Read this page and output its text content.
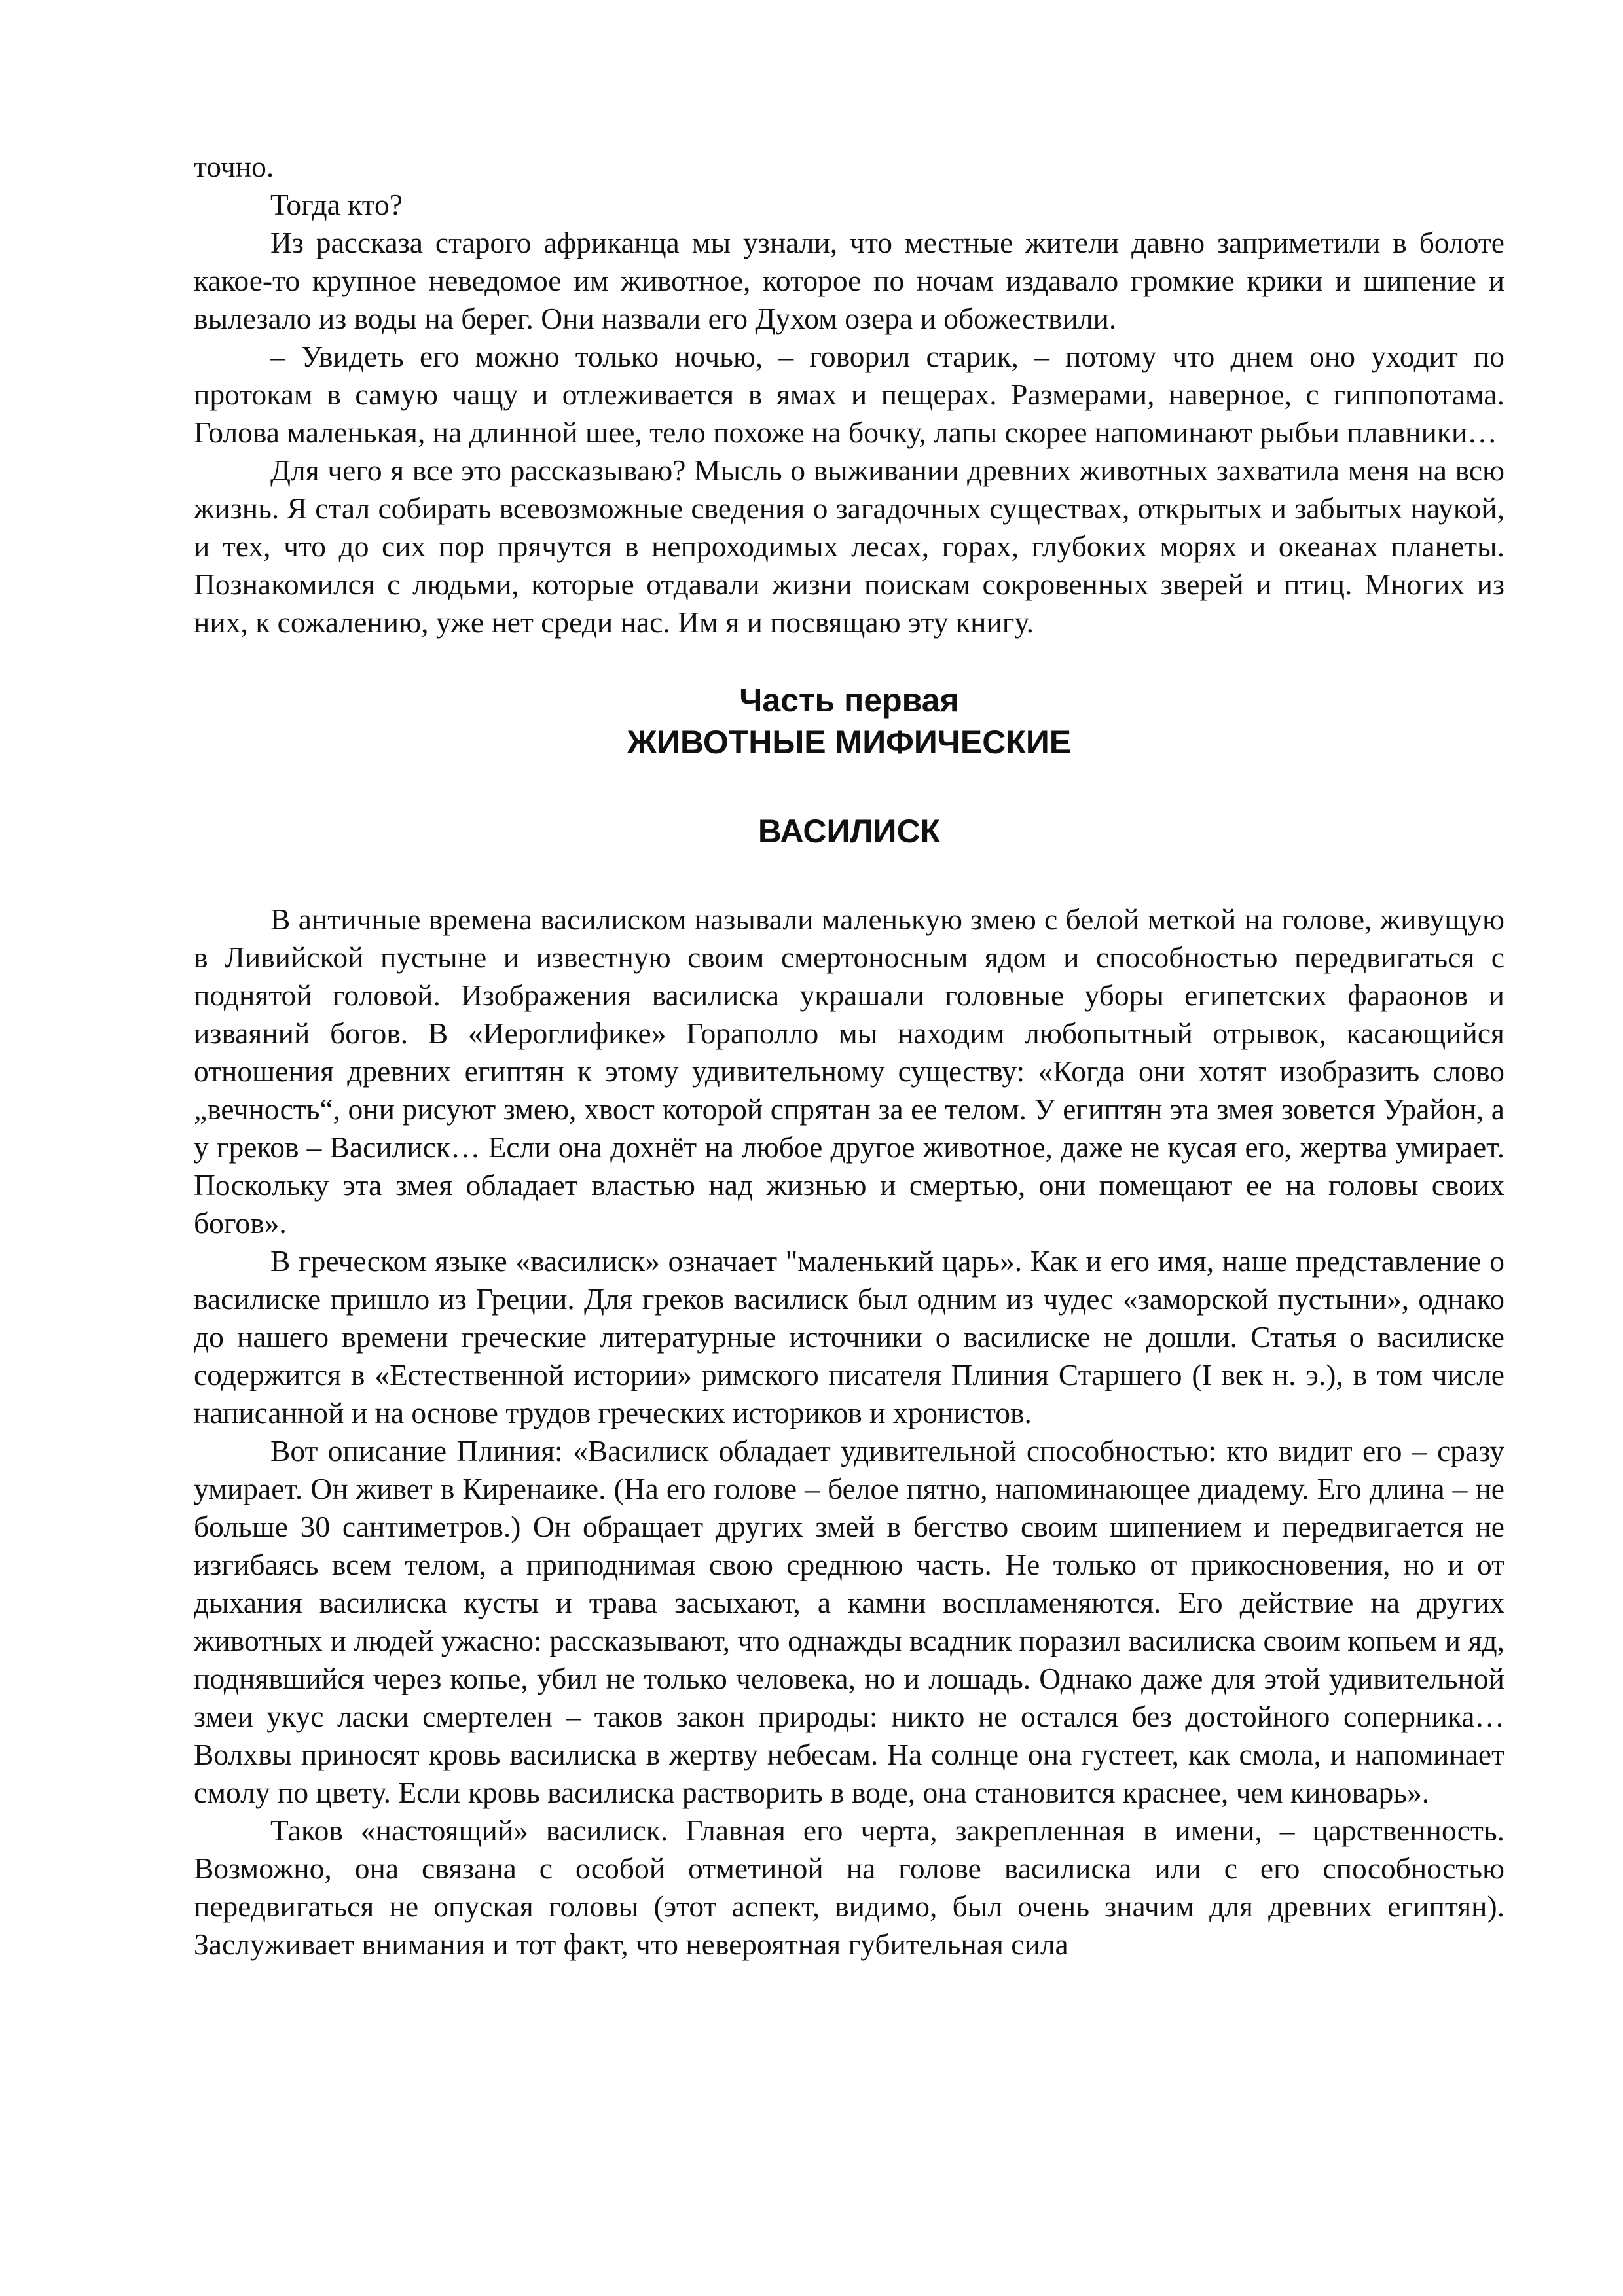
точно.

Тогда кто?

Из рассказа старого африканца мы узнали, что местные жители давно заприметили в болоте какое-то крупное неведомое им животное, которое по ночам издавало громкие крики и шипение и вылезало из воды на берег. Они назвали его Духом озера и обожествили.

– Увидеть его можно только ночью, – говорил старик, – потому что днем оно уходит по протокам в самую чащу и отлеживается в ямах и пещерах. Размерами, наверное, с гиппопотама. Голова маленькая, на длинной шее, тело похоже на бочку, лапы скорее напоминают рыбьи плавники…

Для чего я все это рассказываю? Мысль о выживании древних животных захватила меня на всю жизнь. Я стал собирать всевозможные сведения о загадочных существах, открытых и забытых наукой, и тех, что до сих пор прячутся в непроходимых лесах, горах, глубоких морях и океанах планеты. Познакомился с людьми, которые отдавали жизни поискам сокровенных зверей и птиц. Многих из них, к сожалению, уже нет среди нас. Им я и посвящаю эту книгу.

Часть первая
ЖИВОТНЫЕ МИФИЧЕСКИЕ
ВАСИЛИСК

В античные времена василиском называли маленькую змею с белой меткой на голове, живущую в Ливийской пустыне и известную своим смертоносным ядом и способностью передвигаться с поднятой головой. Изображения василиска украшали головные уборы египетских фараонов и изваяний богов. В «Иероглифике» Гораполло мы находим любопытный отрывок, касающийся отношения древних египтян к этому удивительному существу: «Когда они хотят изобразить слово „вечность“, они рисуют змею, хвост которой спрятан за ее телом. У египтян эта змея зовется Урайон, а у греков – Василиск… Если она дохнёт на любое другое животное, даже не кусая его, жертва умирает. Поскольку эта змея обладает властью над жизнью и смертью, они помещают ее на головы своих богов».

В греческом языке «василиск» означает "маленький царь». Как и его имя, наше представление о василиске пришло из Греции. Для греков василиск был одним из чудес «заморской пустыни», однако до нашего времени греческие литературные источники о василиске не дошли. Статья о василиске содержится в «Естественной истории» римского писателя Плиния Старшего (I век н. э.), в том числе написанной и на основе трудов греческих историков и хронистов.

Вот описание Плиния: «Василиск обладает удивительной способностью: кто видит его – сразу умирает. Он живет в Киренаике. (На его голове – белое пятно, напоминающее диадему. Его длина – не больше 30 сантиметров.) Он обращает других змей в бегство своим шипением и передвигается не изгибаясь всем телом, а приподнимая свою среднюю часть. Не только от прикосновения, но и от дыхания василиска кусты и трава засыхают, а камни воспламеняются. Его действие на других животных и людей ужасно: рассказывают, что однажды всадник поразил василиска своим копьем и яд, поднявшийся через копье, убил не только человека, но и лошадь. Однако даже для этой удивительной змеи укус ласки смертелен – таков закон природы: никто не остался без достойного соперника… Волхвы приносят кровь василиска в жертву небесам. На солнце она густеет, как смола, и напоминает смолу по цвету. Если кровь василиска растворить в воде, она становится краснее, чем киноварь».

Таков «настоящий» василиск. Главная его черта, закрепленная в имени, – царственность. Возможно, она связана с особой отметиной на голове василиска или с его способностью передвигаться не опуская головы (этот аспект, видимо, был очень значим для древних египтян). Заслуживает внимания и тот факт, что невероятная губительная сила
